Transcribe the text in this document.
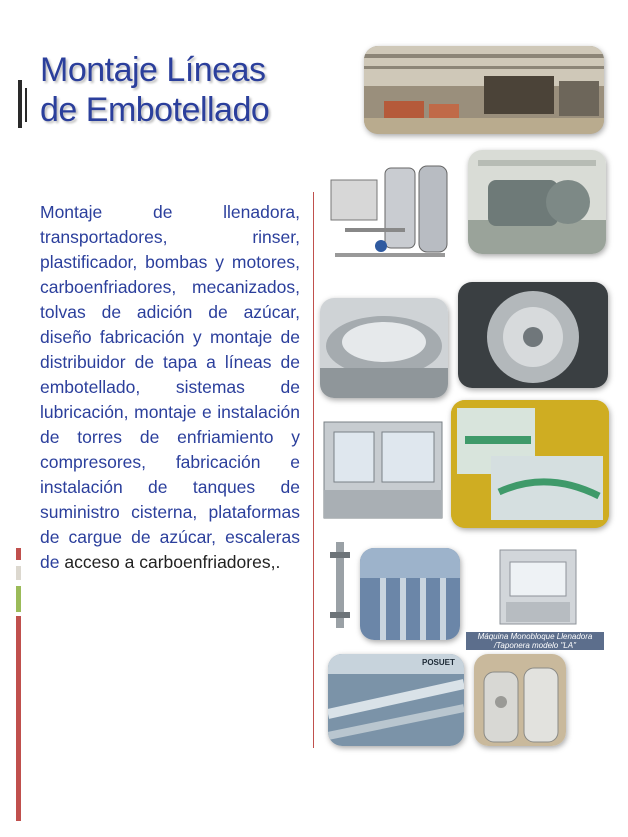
Montaje Líneas
de Embotellado
Montaje de llenadora, transportadores, rinser, plastificador, bombas y motores, carboenfriadores, mecanizados, tolvas de adición de azúcar, diseño fabricación y montaje de distribuidor de tapa a líneas de embotellado, sistemas de lubricación, montaje e instalación de torres de enfriamiento y compresores, fabricación e instalación de tanques de suministro cisterna, plataformas de cargue de azúcar, escaleras de acceso a carboenfriadores,.
Máquina Monobloque Llenadora
/Taponera modelo "LA"
POSUET
